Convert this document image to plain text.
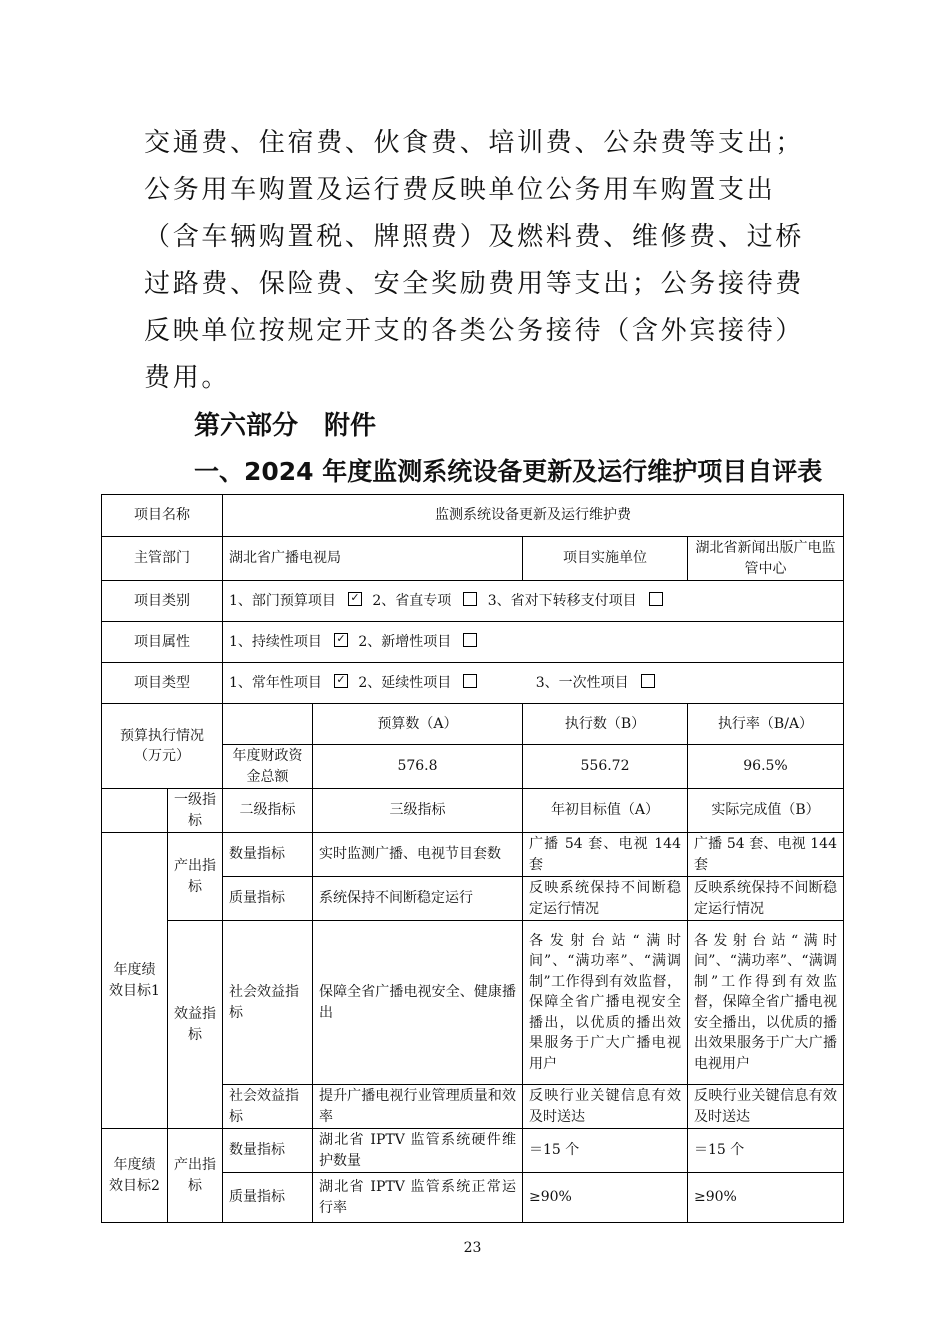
交通费、住宿费、伙食费、培训费、公杂费等支出；公务用车购置及运行费反映单位公务用车购置支出（含车辆购置税、牌照费）及燃料费、维修费、过桥过路费、保险费、安全奖励费用等支出；公务接待费反映单位按规定开支的各类公务接待（含外宾接待）费用。

第六部分　附件
一、2024 年度监测系统设备更新及运行维护项目自评表
项目名称		监测系统设备更新及运行维护费			
主管部门		湖北省广播电视局		项目实施单位	湖北省新闻出版广电监管中心
项目类别		1、部门预算项目 ✓ 2、省直专项 3、省对下转移支付项目
项目属性		1、持续性项目 ✓ 2、新增性项目
项目类型		1、常年性项目 ✓ 2、延续性项目 3、一次性项目
预算执行情况（万元）			预算数（A）	执行数（B）	执行率（B/A）
		年度财政资金总额	576.8	556.72	96.5%
	一级指标	二级指标	三级指标	年初目标值（A）	实际完成值（B）
年度绩效目标1	产出指标	数量指标	实时监测广播、电视节目套数	广播 54 套、电视 144 套	广播 54 套、电视 144 套
		质量指标	系统保持不间断稳定运行	反映系统保持不间断稳定运行情况	反映系统保持不间断稳定运行情况
	效益指标	社会效益指标	保障全省广播电视安全、健康播出	各发射台站“满时间”、“满功率”、“满调制”工作得到有效监督，保障全省广播电视安全播出，以优质的播出效果服务于广大广播电视用户	各发射台站“满时间”、“满功率”、“满调制”工作得到有效监督，保障全省广播电视安全播出，以优质的播出效果服务于广大广播电视用户
		社会效益指标	提升广播电视行业管理质量和效率	反映行业关键信息有效及时送达	反映行业关键信息有效及时送达
年度绩效目标2	产出指标	数量指标	湖北省 IPTV 监管系统硬件维护数量	＝15 个	＝15 个
		质量指标	湖北省 IPTV 监管系统正常运行率	≥90%	≥90%
23
